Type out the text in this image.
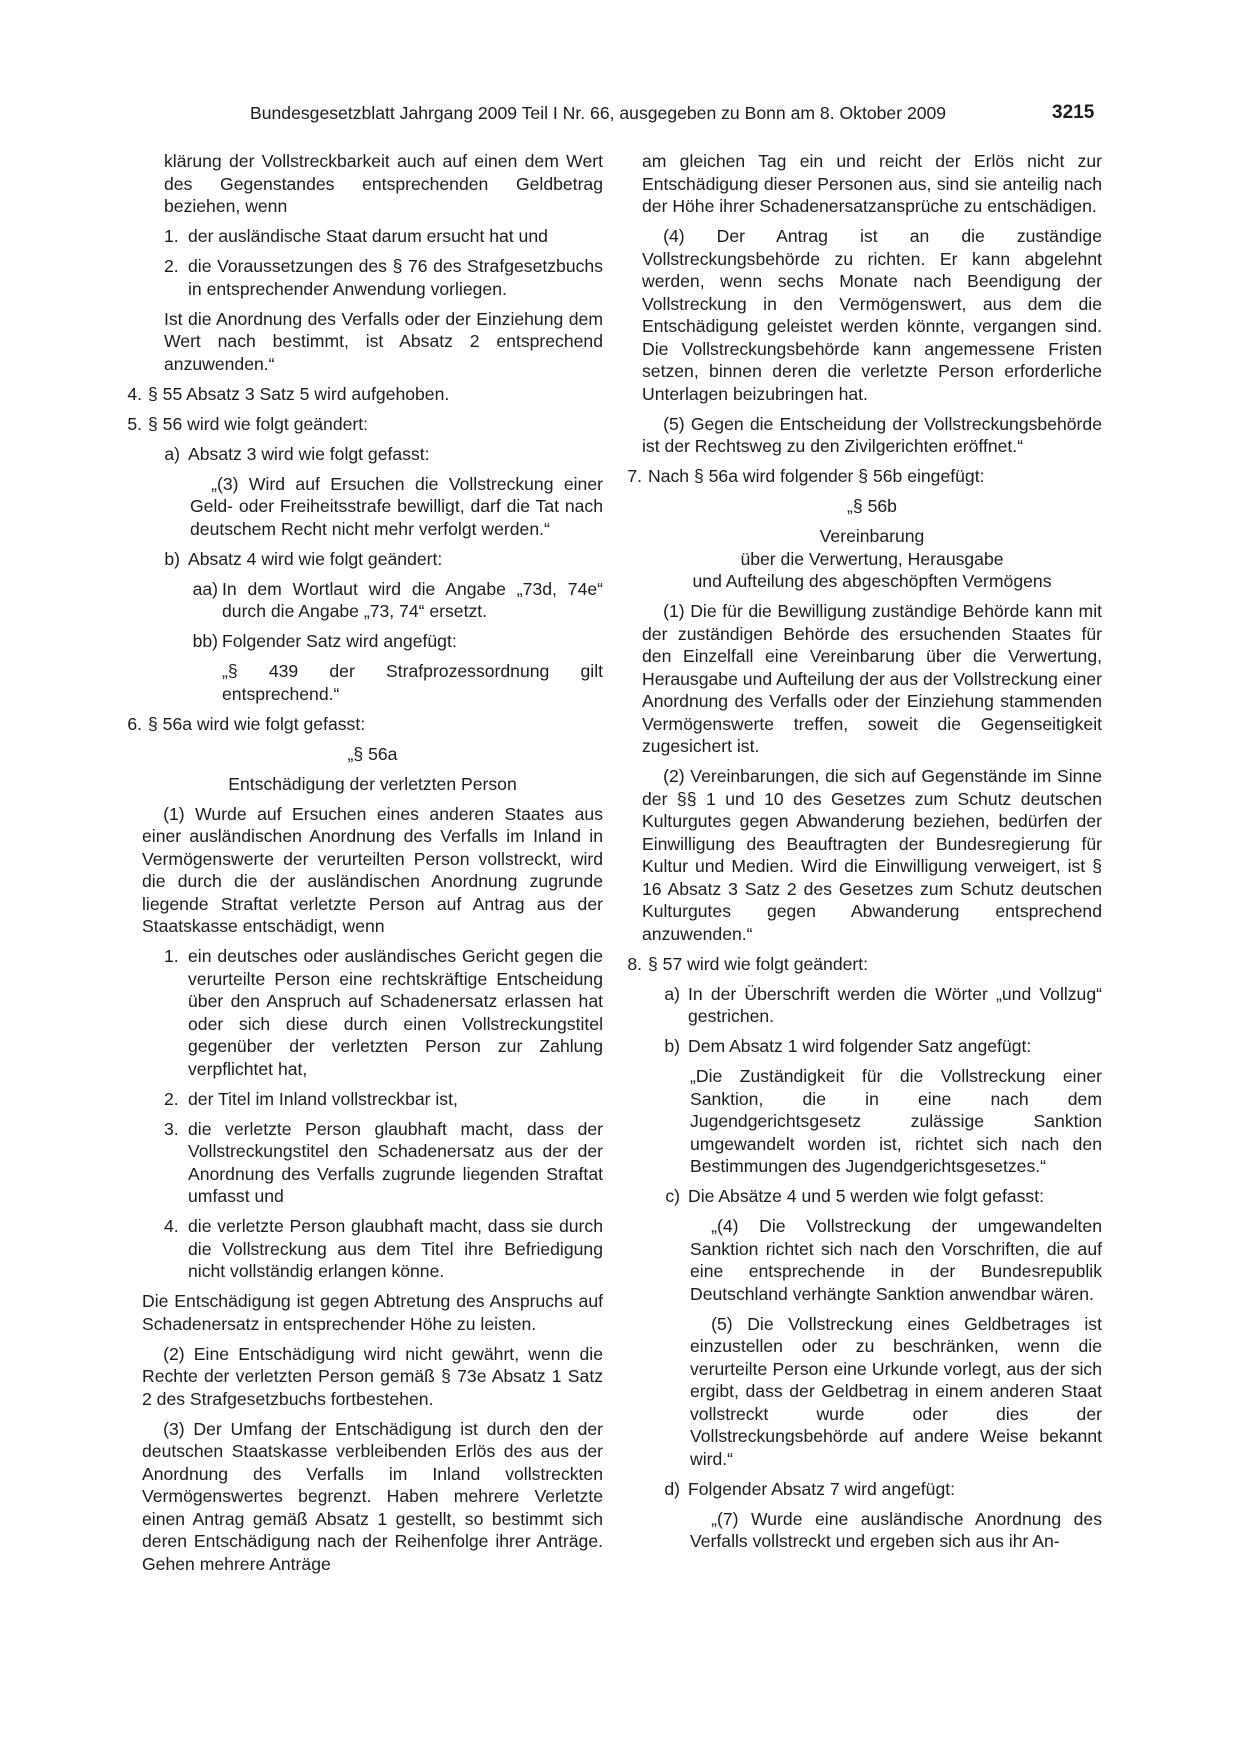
Bundesgesetzblatt Jahrgang 2009 Teil I Nr. 66, ausgegeben zu Bonn am 8. Oktober 2009	3215

klärung der Vollstreckbarkeit auch auf einen dem Wert des Gegenstandes entsprechenden Geldbetrag beziehen, wenn

1. der ausländische Staat darum ersucht hat und
2. die Voraussetzungen des § 76 des Strafgesetzbuchs in entsprechender Anwendung vorliegen.

Ist die Anordnung des Verfalls oder der Einziehung dem Wert nach bestimmt, ist Absatz 2 entsprechend anzuwenden.“

4. § 55 Absatz 3 Satz 5 wird aufgehoben.
5. § 56 wird wie folgt geändert:
a) Absatz 3 wird wie folgt gefasst:

„(3) Wird auf Ersuchen die Vollstreckung einer Geld- oder Freiheitsstrafe bewilligt, darf die Tat nach deutschem Recht nicht mehr verfolgt werden.“

b) Absatz 4 wird wie folgt geändert:
aa) In dem Wortlaut wird die Angabe „73d, 74e“ durch die Angabe „73, 74“ ersetzt.
bb) Folgender Satz wird angefügt:

„§ 439 der Strafprozessordnung gilt entsprechend.“

6. § 56a wird wie folgt gefasst:

„§ 56a

Entschädigung der verletzten Person

(1) Wurde auf Ersuchen eines anderen Staates aus einer ausländischen Anordnung des Verfalls im Inland in Vermögenswerte der verurteilten Person vollstreckt, wird die durch die der ausländischen Anordnung zugrunde liegende Straftat verletzte Person auf Antrag aus der Staatskasse entschädigt, wenn

1. ein deutsches oder ausländisches Gericht gegen die verurteilte Person eine rechtskräftige Entscheidung über den Anspruch auf Schadenersatz erlassen hat oder sich diese durch einen Vollstreckungstitel gegenüber der verletzten Person zur Zahlung verpflichtet hat,
2. der Titel im Inland vollstreckbar ist,
3. die verletzte Person glaubhaft macht, dass der Vollstreckungstitel den Schadenersatz aus der der Anordnung des Verfalls zugrunde liegenden Straftat umfasst und
4. die verletzte Person glaubhaft macht, dass sie durch die Vollstreckung aus dem Titel ihre Befriedigung nicht vollständig erlangen könne.

Die Entschädigung ist gegen Abtretung des Anspruchs auf Schadenersatz in entsprechender Höhe zu leisten.

(2) Eine Entschädigung wird nicht gewährt, wenn die Rechte der verletzten Person gemäß § 73e Absatz 1 Satz 2 des Strafgesetzbuchs fortbestehen.

(3) Der Umfang der Entschädigung ist durch den der deutschen Staatskasse verbleibenden Erlös des aus der Anordnung des Verfalls im Inland vollstreckten Vermögenswertes begrenzt. Haben mehrere Verletzte einen Antrag gemäß Absatz 1 gestellt, so bestimmt sich deren Entschädigung nach der Reihenfolge ihrer Anträge. Gehen mehrere Anträge

am gleichen Tag ein und reicht der Erlös nicht zur Entschädigung dieser Personen aus, sind sie anteilig nach der Höhe ihrer Schadenersatzansprüche zu entschädigen.

(4) Der Antrag ist an die zuständige Vollstreckungsbehörde zu richten. Er kann abgelehnt werden, wenn sechs Monate nach Beendigung der Vollstreckung in den Vermögenswert, aus dem die Entschädigung geleistet werden könnte, vergangen sind. Die Vollstreckungsbehörde kann angemessene Fristen setzen, binnen deren die verletzte Person erforderliche Unterlagen beizubringen hat.

(5) Gegen die Entscheidung der Vollstreckungsbehörde ist der Rechtsweg zu den Zivilgerichten eröffnet.“

7. Nach § 56a wird folgender § 56b eingefügt:

„§ 56b

Vereinbarung
über die Verwertung, Herausgabe
und Aufteilung des abgeschöpften Vermögens

(1) Die für die Bewilligung zuständige Behörde kann mit der zuständigen Behörde des ersuchenden Staates für den Einzelfall eine Vereinbarung über die Verwertung, Herausgabe und Aufteilung der aus der Vollstreckung einer Anordnung des Verfalls oder der Einziehung stammenden Vermögenswerte treffen, soweit die Gegenseitigkeit zugesichert ist.

(2) Vereinbarungen, die sich auf Gegenstände im Sinne der §§ 1 und 10 des Gesetzes zum Schutz deutschen Kulturgutes gegen Abwanderung beziehen, bedürfen der Einwilligung des Beauftragten der Bundesregierung für Kultur und Medien. Wird die Einwilligung verweigert, ist § 16 Absatz 3 Satz 2 des Gesetzes zum Schutz deutschen Kulturgutes gegen Abwanderung entsprechend anzuwenden.“

8. § 57 wird wie folgt geändert:
a) In der Überschrift werden die Wörter „und Vollzug“ gestrichen.
b) Dem Absatz 1 wird folgender Satz angefügt:

„Die Zuständigkeit für die Vollstreckung einer Sanktion, die in eine nach dem Jugendgerichtsgesetz zulässige Sanktion umgewandelt worden ist, richtet sich nach den Bestimmungen des Jugendgerichtsgesetzes.“

c) Die Absätze 4 und 5 werden wie folgt gefasst:

„(4) Die Vollstreckung der umgewandelten Sanktion richtet sich nach den Vorschriften, die auf eine entsprechende in der Bundesrepublik Deutschland verhängte Sanktion anwendbar wären.

(5) Die Vollstreckung eines Geldbetrages ist einzustellen oder zu beschränken, wenn die verurteilte Person eine Urkunde vorlegt, aus der sich ergibt, dass der Geldbetrag in einem anderen Staat vollstreckt wurde oder dies der Vollstreckungsbehörde auf andere Weise bekannt wird.“

d) Folgender Absatz 7 wird angefügt:

„(7) Wurde eine ausländische Anordnung des Verfalls vollstreckt und ergeben sich aus ihr An-
